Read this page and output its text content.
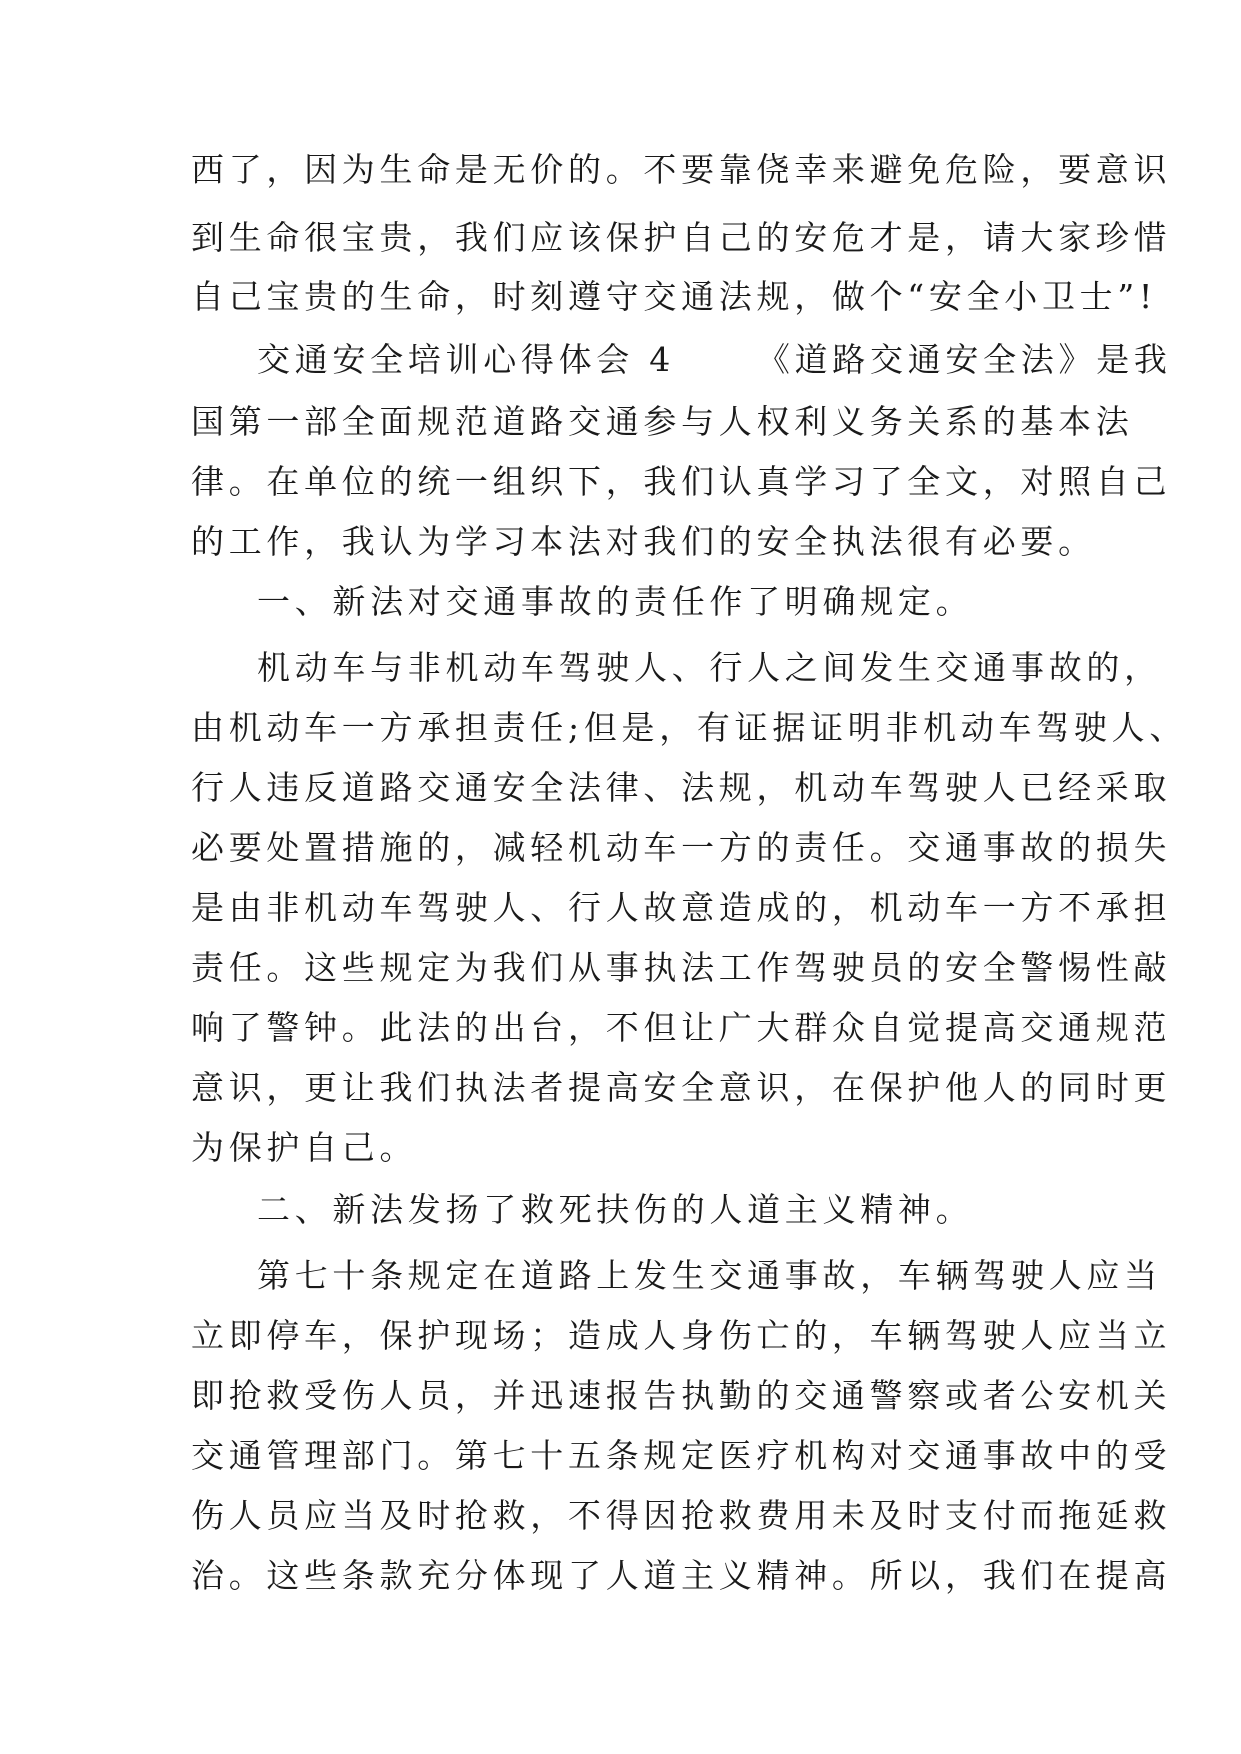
西了，因为生命是无价的。不要靠侥幸来避免危险，要意识
到生命很宝贵，我们应该保护自己的安危才是，请大家珍惜
自己宝贵的生命，时刻遵守交通法规，做个“安全小卫士”!
交通安全培训心得体会 4 《道路交通安全法》是我
国第一部全面规范道路交通参与人权利义务关系的基本法
律。在单位的统一组织下，我们认真学习了全文，对照自己
的工作，我认为学习本法对我们的安全执法很有必要。
一、新法对交通事故的责任作了明确规定。
机动车与非机动车驾驶人、行人之间发生交通事故的，
由机动车一方承担责任;但是，有证据证明非机动车驾驶人、
行人违反道路交通安全法律、法规，机动车驾驶人已经采取
必要处置措施的，减轻机动车一方的责任。交通事故的损失
是由非机动车驾驶人、行人故意造成的，机动车一方不承担
责任。这些规定为我们从事执法工作驾驶员的安全警惕性敲
响了警钟。此法的出台，不但让广大群众自觉提高交通规范
意识，更让我们执法者提高安全意识，在保护他人的同时更
为保护自己。
二、新法发扬了救死扶伤的人道主义精神。
第七十条规定在道路上发生交通事故，车辆驾驶人应当
立即停车，保护现场；造成人身伤亡的，车辆驾驶人应当立
即抢救受伤人员，并迅速报告执勤的交通警察或者公安机关
交通管理部门。第七十五条规定医疗机构对交通事故中的受
伤人员应当及时抢救，不得因抢救费用未及时支付而拖延救
治。这些条款充分体现了人道主义精神。所以，我们在提高
